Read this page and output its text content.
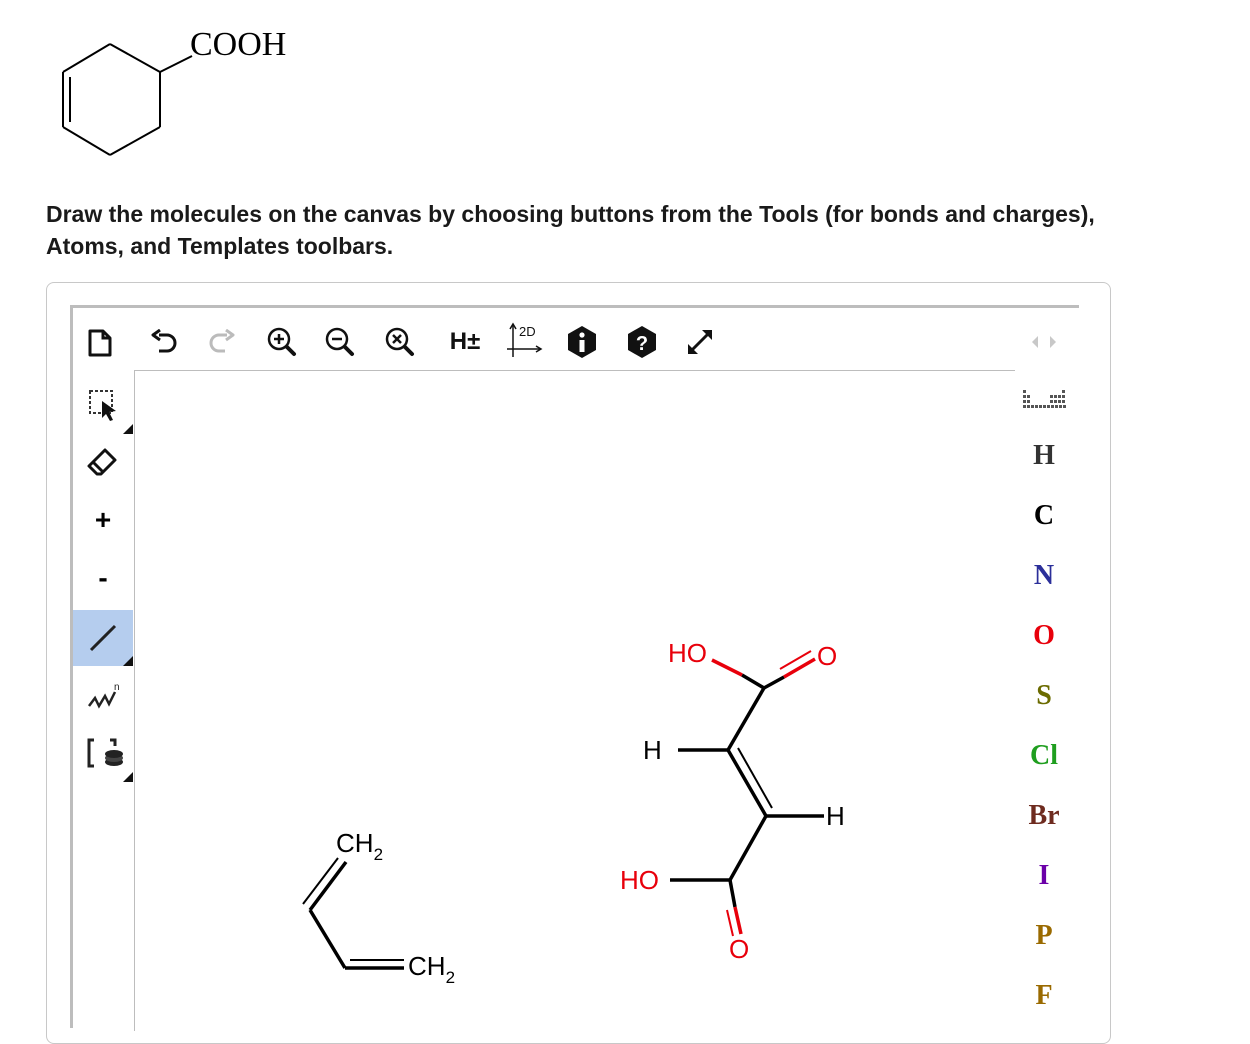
COOH
Draw the molecules on the canvas by choosing buttons from the Tools (for bonds and charges),
Atoms, and Templates toolbars.
H±	2D
?
+
-
n
$CH_2$
$CH_2$
HO	O
H
H
HO
O
H
C
N
O
S
Cl
Br
I
P
F
